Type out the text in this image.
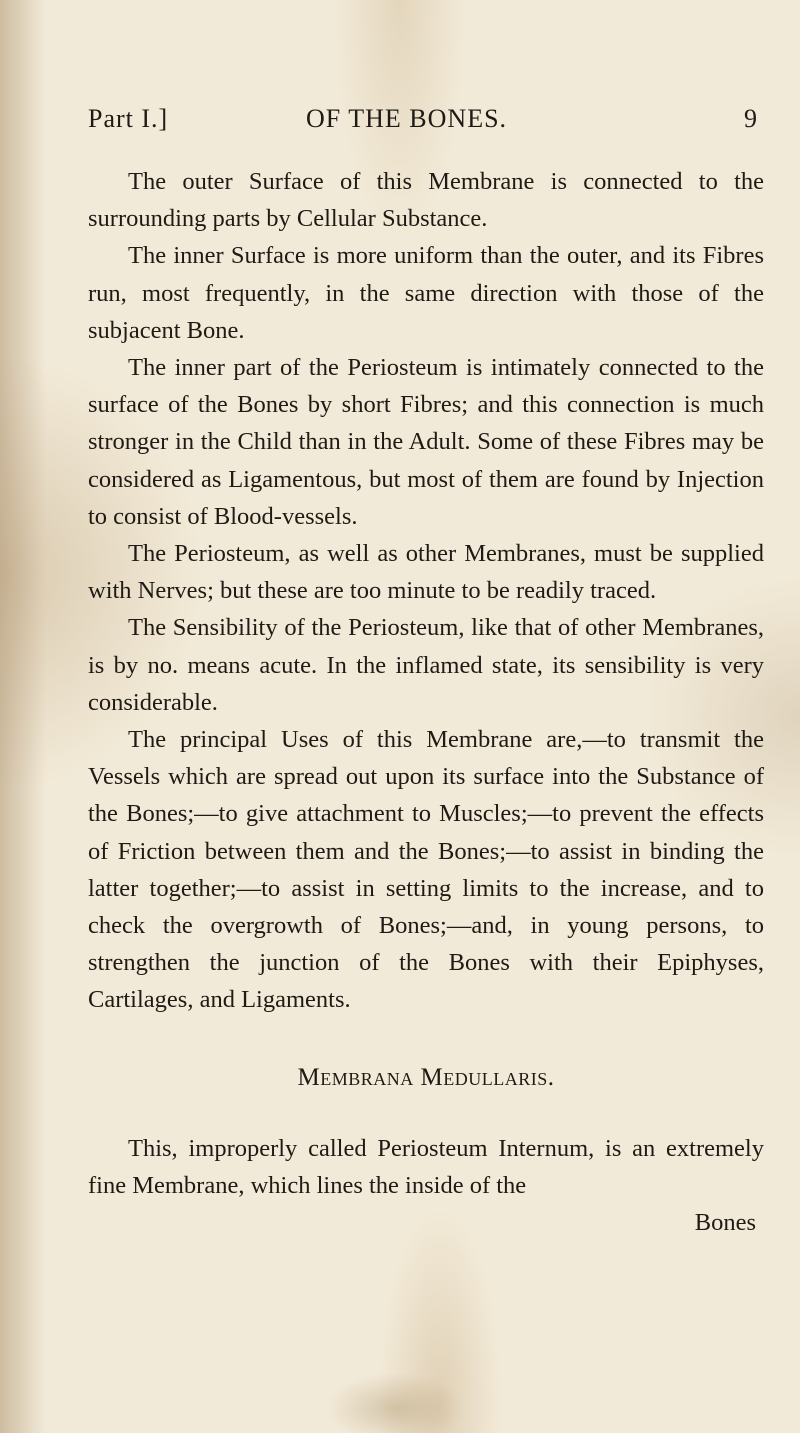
Part I.]	OF THE BONES.	9

The outer Surface of this Membrane is connected to the surrounding parts by Cellular Substance.

The inner Surface is more uniform than the outer, and its Fibres run, most frequently, in the same direction with those of the subjacent Bone.

The inner part of the Periosteum is intimately connected to the surface of the Bones by short Fibres; and this connection is much stronger in the Child than in the Adult. Some of these Fibres may be considered as Ligamentous, but most of them are found by Injection to consist of Blood-vessels.

The Periosteum, as well as other Membranes, must be supplied with Nerves; but these are too minute to be readily traced.

The Sensibility of the Periosteum, like that of other Membranes, is by no. means acute. In the inflamed state, its sensibility is very considerable.

The principal Uses of this Membrane are,—to transmit the Vessels which are spread out upon its surface into the Substance of the Bones;—to give attachment to Muscles;—to prevent the effects of Friction between them and the Bones;—to assist in binding the latter together;—to assist in setting limits to the increase, and to check the overgrowth of Bones;—and, in young persons, to strengthen the junction of the Bones with their Epiphyses, Cartilages, and Ligaments.

Membrana Medullaris.

This, improperly called Periosteum Internum, is an extremely fine Membrane, which lines the inside of the

Bones
